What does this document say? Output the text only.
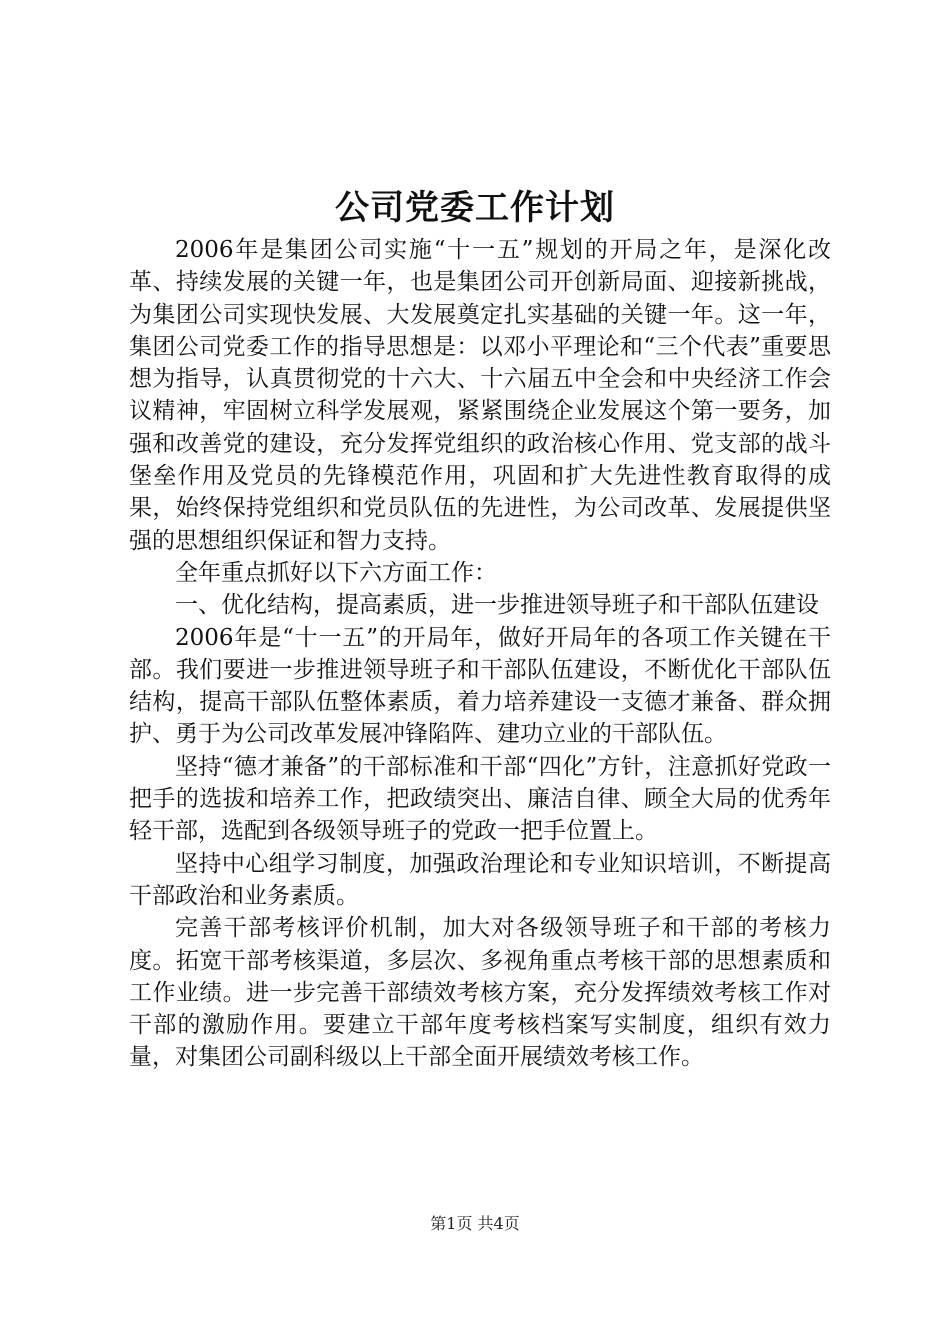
公司党委工作计划

2006年是集团公司实施“十一五”规划的开局之年，是深化改革、持续发展的关键一年，也是集团公司开创新局面、迎接新挑战，为集团公司实现快发展、大发展奠定扎实基础的关键一年。这一年，集团公司党委工作的指导思想是：以邓小平理论和“三个代表”重要思想为指导，认真贯彻党的十六大、十六届五中全会和中央经济工作会议精神，牢固树立科学发展观，紧紧围绕企业发展这个第一要务，加强和改善党的建设，充分发挥党组织的政治核心作用、党支部的战斗堡垒作用及党员的先锋模范作用，巩固和扩大先进性教育取得的成果，始终保持党组织和党员队伍的先进性，为公司改革、发展提供坚强的思想组织保证和智力支持。

全年重点抓好以下六方面工作：

一、优化结构，提高素质，进一步推进领导班子和干部队伍建设

2006年是“十一五”的开局年，做好开局年的各项工作关键在干部。我们要进一步推进领导班子和干部队伍建设，不断优化干部队伍结构，提高干部队伍整体素质，着力培养建设一支德才兼备、群众拥护、勇于为公司改革发展冲锋陷阵、建功立业的干部队伍。

坚持“德才兼备”的干部标准和干部“四化”方针，注意抓好党政一把手的选拔和培养工作，把政绩突出、廉洁自律、顾全大局的优秀年轻干部，选配到各级领导班子的党政一把手位置上。

坚持中心组学习制度，加强政治理论和专业知识培训，不断提高干部政治和业务素质。

完善干部考核评价机制，加大对各级领导班子和干部的考核力度。拓宽干部考核渠道，多层次、多视角重点考核干部的思想素质和工作业绩。进一步完善干部绩效考核方案，充分发挥绩效考核工作对干部的激励作用。要建立干部年度考核档案写实制度，组织有效力量，对集团公司副科级以上干部全面开展绩效考核工作。

第1页 共4页
